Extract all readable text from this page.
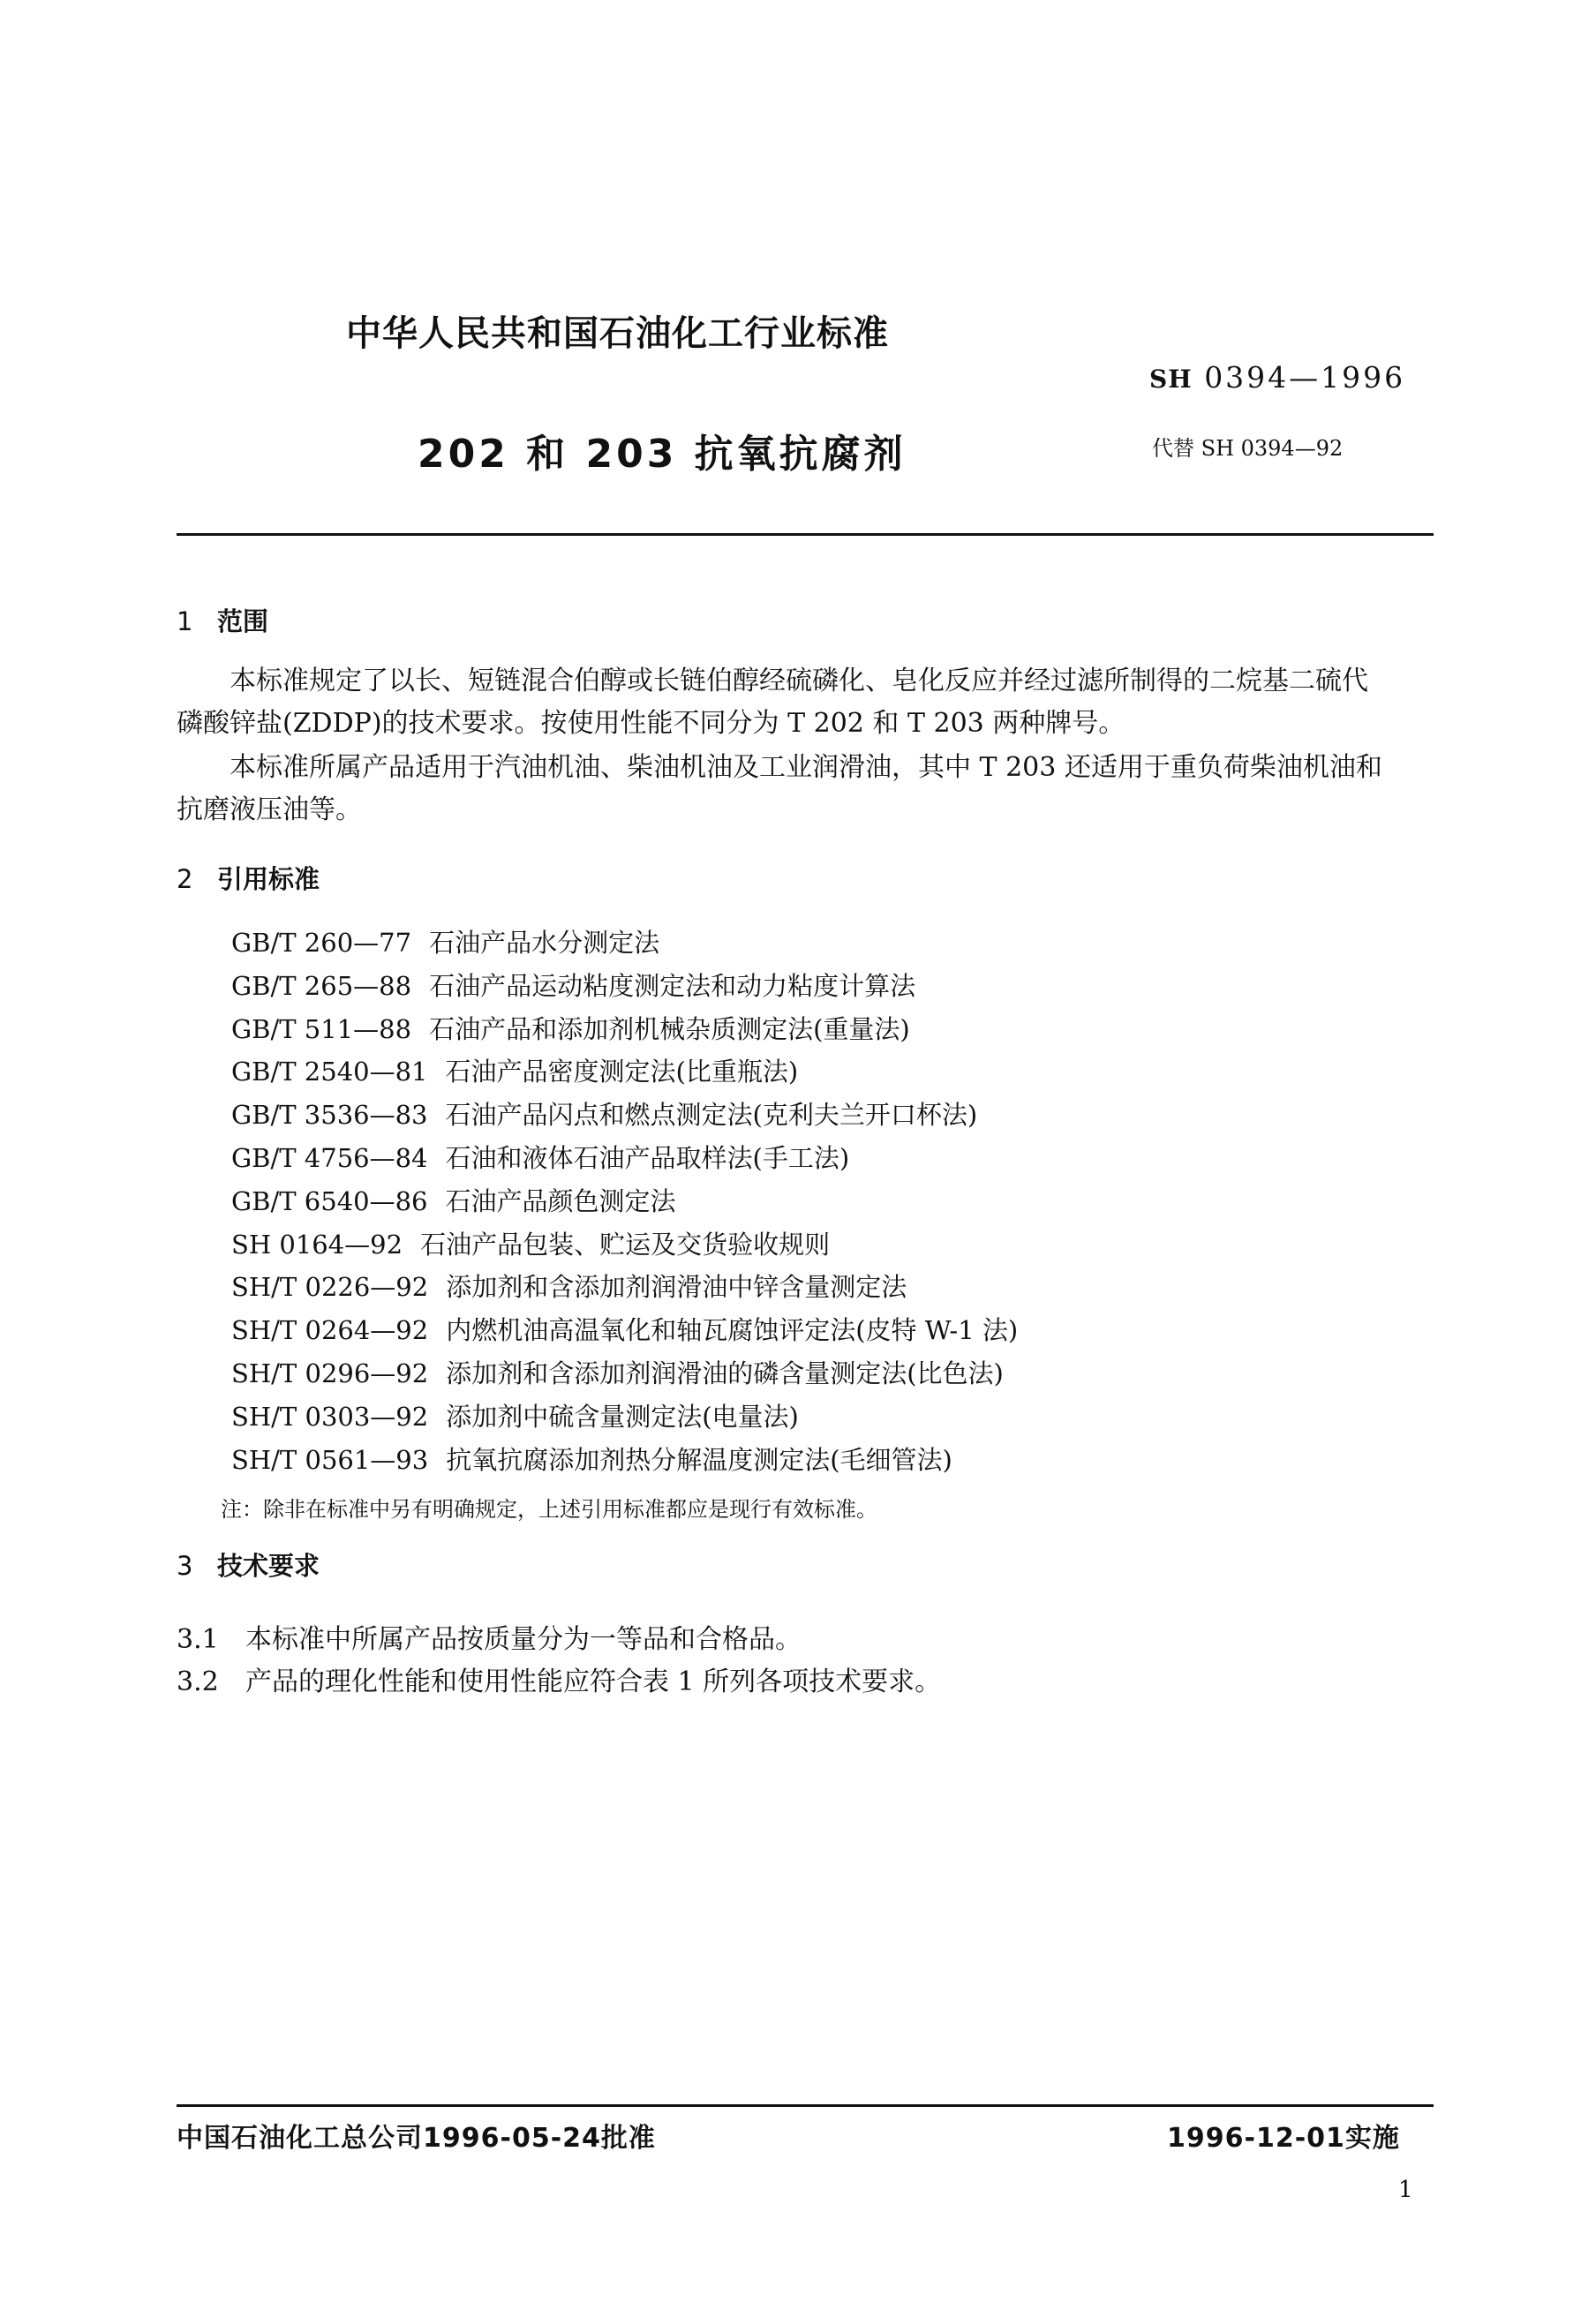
中华人民共和国石油化工行业标准
SH 0394—1996
202 和 203 抗氧抗腐剂	代替 SH 0394—92
1 范围
本标准规定了以长、短链混合伯醇或长链伯醇经硫磷化、皂化反应并经过滤所制得的二烷基二硫代
磷酸锌盐(ZDDP)的技术要求。按使用性能不同分为 T 202 和 T 203 两种牌号。
本标准所属产品适用于汽油机油、柴油机油及工业润滑油，其中 T 203 还适用于重负荷柴油机油和
抗磨液压油等。
2 引用标准
GB/T 260—77 石油产品水分测定法
GB/T 265—88 石油产品运动粘度测定法和动力粘度计算法
GB/T 511—88 石油产品和添加剂机械杂质测定法(重量法)
GB/T 2540—81 石油产品密度测定法(比重瓶法)
GB/T 3536—83 石油产品闪点和燃点测定法(克利夫兰开口杯法)
GB/T 4756—84 石油和液体石油产品取样法(手工法)
GB/T 6540—86 石油产品颜色测定法
SH 0164—92 石油产品包装、贮运及交货验收规则
SH/T 0226—92 添加剂和含添加剂润滑油中锌含量测定法
SH/T 0264—92 内燃机油高温氧化和轴瓦腐蚀评定法(皮特 W-1 法)
SH/T 0296—92 添加剂和含添加剂润滑油的磷含量测定法(比色法)
SH/T 0303—92 添加剂中硫含量测定法(电量法)
SH/T 0561—93 抗氧抗腐添加剂热分解温度测定法(毛细管法)
注：除非在标准中另有明确规定，上述引用标准都应是现行有效标准。
3 技术要求
3.1 本标准中所属产品按质量分为一等品和合格品。
3.2 产品的理化性能和使用性能应符合表 1 所列各项技术要求。
中国石油化工总公司1996-05-24批准	1996-12-01实施
1
